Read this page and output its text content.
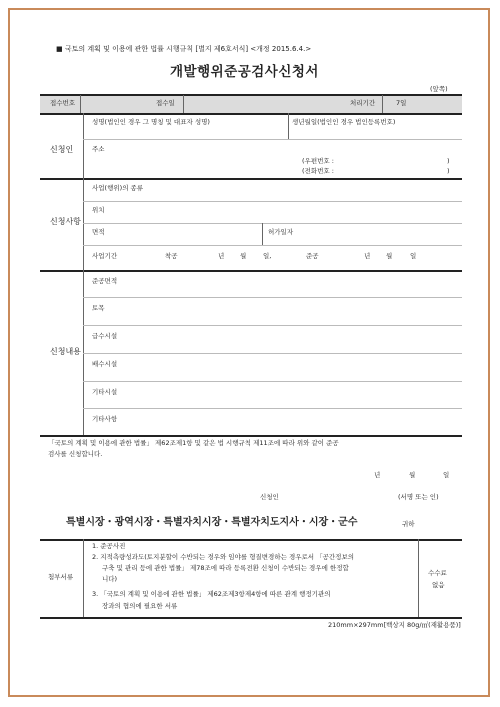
■ 국토의 계획 및 이용에 관한 법률 시행규칙 [별지 제6호서식] <개정 2015.6.4.>
개발행위준공검사신청서
(앞쪽)
접수번호	접수일	처리기간	7일
신청인
성명(법인인 경우 그 명칭 및 대표자 성명)	생년월일(법인인 경우 법인등록번호)
주소
(우편번호 :	)
(전화번호 :	)
신청사항
사업(행위)의 종류
위치
면적	허가일자
사업기간	착공	년 월	일,	준공	년 월	일
신청내용
준공면적
토목
급수시설
배수시설
기타시설
기타사항
「국토의 계획 및 이용에 관한 법률」 제62조제1항 및 같은 법 시행규칙 제11조에 따라 위와 같이 준공
검사를 신청합니다.
년	월	일
신청인	(서명 또는 인)
특별시장・광역시장・특별자치시장・특별자치도지사・시장・군수	귀하
첨부서류
1. 준공사진
2. 지적측량성과도(토지분할이 수반되는 경우와 임야를 형질변경하는 경우로서 「공간정보의
구축 및 관리 등에 관한 법률」 제78조에 따라 등록전환 신청이 수반되는 경우에 한정합
니다)
3. 「국토의 계획 및 이용에 관한 법률」 제62조제3항제4항에 따른 관계 행정기관의
장과의 협의에 필요한 서류
수수료
없음
210mm×297mm[백상지 80g/㎡(재활용품)]
